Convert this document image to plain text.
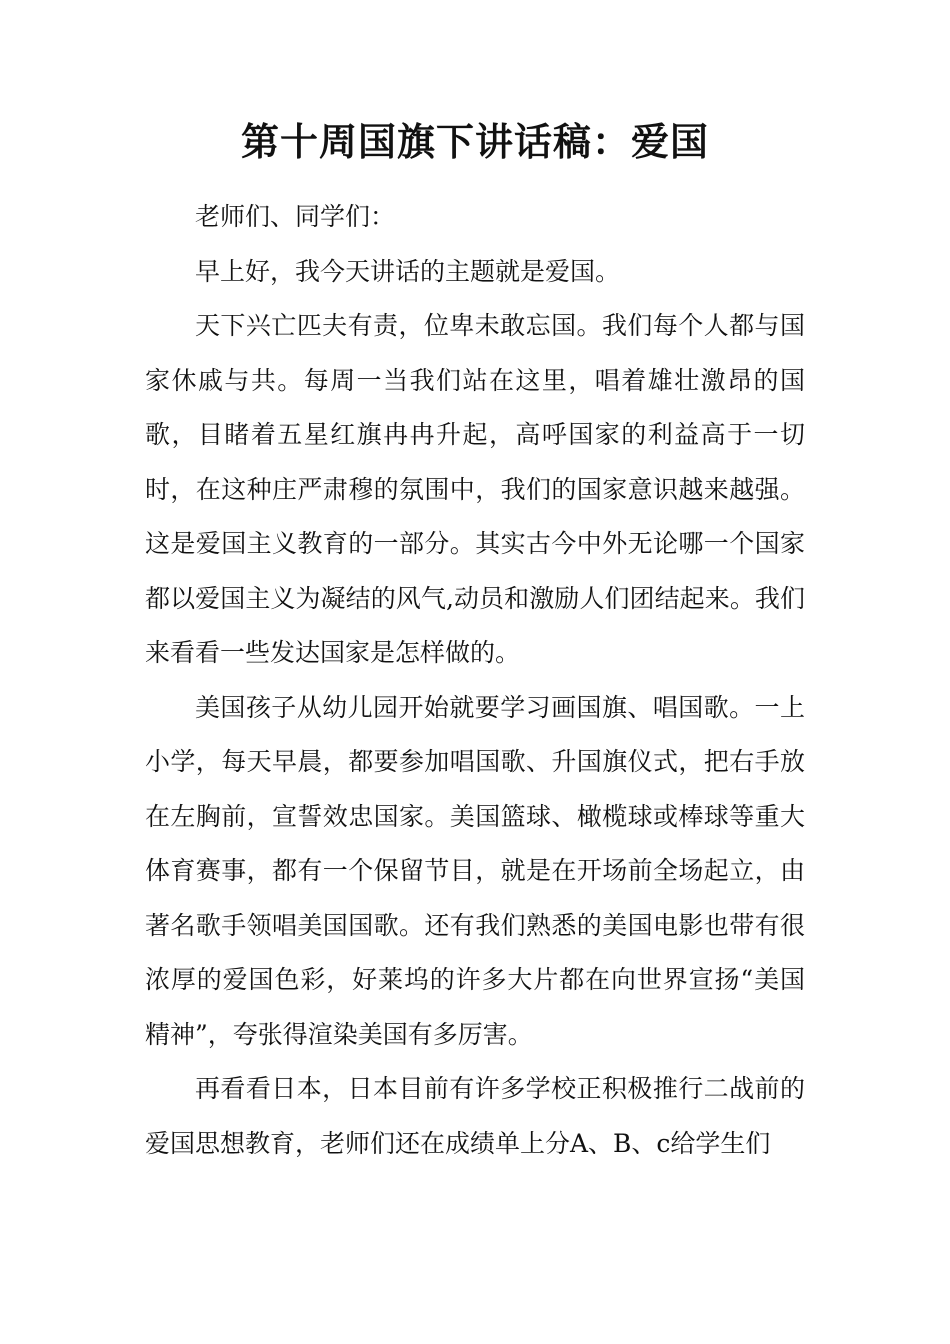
第十周国旗下讲话稿：爱国

老师们、同学们：

早上好，我今天讲话的主题就是爱国。

天下兴亡匹夫有责，位卑未敢忘国。我们每个人都与国家休戚与共。每周一当我们站在这里，唱着雄壮激昂的国歌，目睹着五星红旗冉冉升起，高呼国家的利益高于一切时，在这种庄严肃穆的氛围中，我们的国家意识越来越强。这是爱国主义教育的一部分。其实古今中外无论哪一个国家都以爱国主义为凝结的风气,动员和激励人们团结起来。我们来看看一些发达国家是怎样做的。

美国孩子从幼儿园开始就要学习画国旗、唱国歌。一上小学，每天早晨，都要参加唱国歌、升国旗仪式，把右手放在左胸前，宣誓效忠国家。美国篮球、橄榄球或棒球等重大体育赛事，都有一个保留节目，就是在开场前全场起立，由著名歌手领唱美国国歌。还有我们熟悉的美国电影也带有很浓厚的爱国色彩，好莱坞的许多大片都在向世界宣扬“美国精神”，夸张得渲染美国有多厉害。

再看看日本，日本目前有许多学校正积极推行二战前的爱国思想教育，老师们还在成绩单上分A、B、c给学生们
